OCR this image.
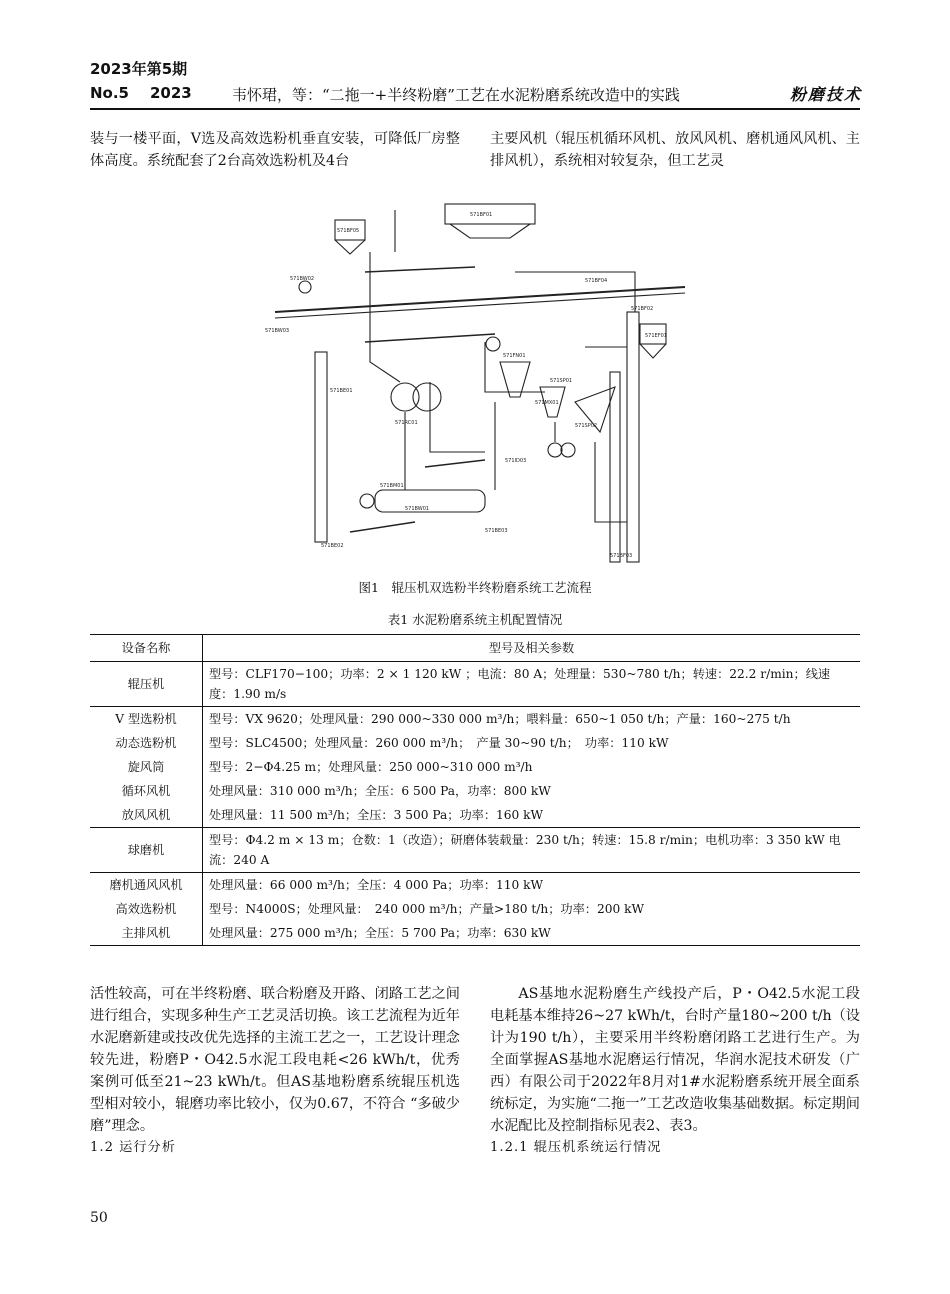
2023年第5期
No.5 2023	韦怀珺，等：“二拖一+半终粉磨”工艺在水泥粉磨系统改造中的实践	粉磨技术
装与一楼平面，V选及高效选粉机垂直安装，可降低厂房整体高度。系统配套了2台高效选粉机及4台
主要风机（辊压机循环风机、放风风机、磨机通风风机、主排风机），系统相对较复杂，但工艺灵
571BF01
571BF05
571BW02
571BW03
571BF04
571EF01
571BE01
571FN01
571RC01	571SP02
571MX01
571BW01
571BF02
571ID03
571BE02
571BE03
571BM01
571SP01
571BF03
图1　辊压机双选粉半终粉磨系统工艺流程
表1 水泥粉磨系统主机配置情况
设备名称	型号及相关参数
辊压机	型号：CLF170−100；功率：2 × 1 120 kW ；电流：80 A；处理量：530~780 t/h；转速：22.2 r/min；线速度：1.90 m/s
V 型选粉机	型号：VX 9620；处理风量：290 000~330 000 m³/h；喂料量：650~1 050 t/h；产量：160~275 t/h
动态选粉机	型号：SLC4500；处理风量：260 000 m³/h；　产量 30~90 t/h；　功率：110 kW
旋风筒	型号：2−Φ4.25 m；处理风量：250 000~310 000 m³/h
循环风机	处理风量：310 000 m³/h；全压：6 500 Pa，功率：800 kW
放风风机	处理风量：11 500 m³/h；全压：3 500 Pa；功率：160 kW
球磨机	型号：Φ4.2 m × 13 m；仓数：1（改造）；研磨体装载量：230 t/h；转速：15.8 r/min；电机功率：3 350 kW 电流：240 A
磨机通风风机	处理风量：66 000 m³/h；全压：4 000 Pa；功率：110 kW
高效选粉机	型号：N4000S；处理风量：　240 000 m³/h；产量>180 t/h；功率：200 kW
主排风机	处理风量：275 000 m³/h；全压：5 700 Pa；功率：630 kW
活性较高，可在半终粉磨、联合粉磨及开路、闭路工艺之间进行组合，实现多种生产工艺灵活切换。该工艺流程为近年水泥磨新建或技改优先选择的主流工艺之一，工艺设计理念较先进，粉磨P・O42.5水泥工段电耗<26 kWh/t，优秀案例可低至21~23 kWh/t。但AS基地粉磨系统辊压机选型相对较小，辊磨功率比较小，仅为0.67，不符合 “多破少磨”理念。
1.2 运行分析
AS基地水泥粉磨生产线投产后，P・O42.5水泥工段电耗基本维持26~27 kWh/t，台时产量180~200 t/h（设计为190 t/h），主要采用半终粉磨闭路工艺进行生产。为全面掌握AS基地水泥磨运行情况，华润水泥技术研发（广西）有限公司于2022年8月对1#水泥粉磨系统开展全面系统标定，为实施“二拖一”工艺改造收集基础数据。标定期间水泥配比及控制指标见表2、表3。
1.2.1 辊压机系统运行情况
50
